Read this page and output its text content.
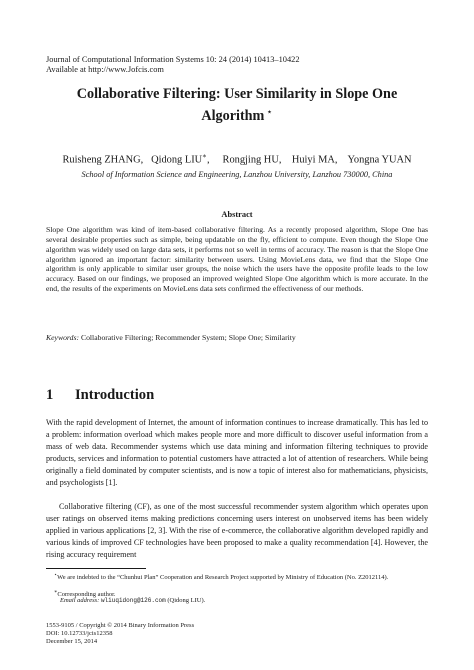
Journal of Computational Information Systems 10: 24 (2014) 10413–10422
Available at http://www.Jofcis.com
Collaborative Filtering: User Similarity in Slope One
Algorithm ⋆
Ruisheng ZHANG, Qidong LIU∗,     Rongjing HU, Huiyi MA, Yongna YUAN
School of Information Science and Engineering, Lanzhou University, Lanzhou 730000, China
Abstract
Slope One algorithm was kind of item-based collaborative filtering. As a recently proposed algorithm, Slope One has several desirable properties such as simple, being updatable on the fly, efficient to compute. Even though the Slope One algorithm was widely used on large data sets, it performs not so well in terms of accuracy. The reason is that the Slope One algorithm ignored an important factor: similarity between users. Using MovieLens data, we find that the Slope One algorithm is only applicable to similar user groups, the noise which the users have the opposite profile leads to the low accuracy. Based on our findings, we proposed an improved weighted Slope One algorithm which is more accurate. In the end, the results of the experiments on MovieLens data sets confirmed the effectiveness of our methods.
Keywords: Collaborative Filtering; Recommender System; Slope One; Similarity
1 Introduction
With the rapid development of Internet, the amount of information continues to increase dramatically. This has led to a problem: information overload which makes people more and more difficult to discover useful information from a mass of web data. Recommender systems which use data mining and information filtering techniques to provide products, services and information to potential customers have attracted a lot of attention of researchers. While being originally a field dominated by computer scientists, and is now a topic of interest also for mathematicians, physicists, and psychologists [1].
Collaborative filtering (CF), as one of the most successful recommender system algorithm which operates upon user ratings on observed items making predictions concerning users interest on unobserved items has been widely applied in various applications [2, 3]. With the rise of e-commerce, the collaborative algorithm developed rapidly and various kinds of improved CF technologies have been proposed to make a quality recommendation [4]. However, the rising accuracy requirement
⋆We are indebted to the “Chunhui Plan” Cooperation and Research Project supported by Ministry of Education (No. Z2012114).
∗Corresponding author.
Email address: wliuqidong@126.com (Qidong LIU).
1553-9105 / Copyright © 2014 Binary Information Press
DOI: 10.12733/jcis12358
December 15, 2014
